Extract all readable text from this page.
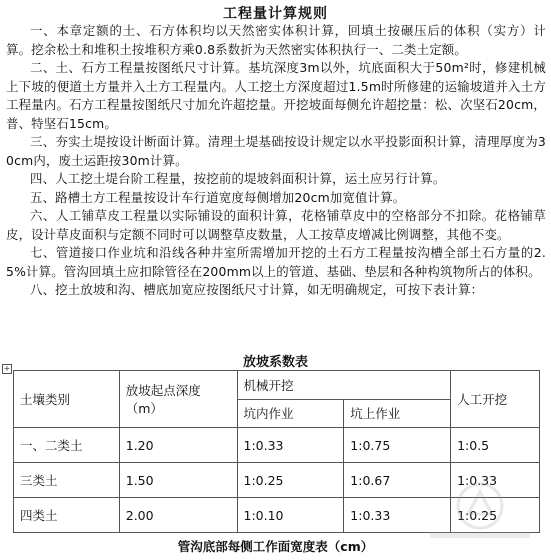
工程量计算规则

一、本章定额的土、石方体积均以天然密实体积计算，回填土按碾压后的体积（实方）计算。挖余松土和堆积土按堆积方乘0.8系数折为天然密实体积执行一、二类土定额。

二、土、石方工程量按图纸尺寸计算。基坑深度3m以外，坑底面积大于50m²时，修建机械上下坡的便道土方量并入土方工程量内。人工挖土方深度超过1.5m时所修建的运输坡道并入土方工程量内。石方工程量按图纸尺寸加允许超挖量。开挖坡面每侧允许超挖量：松、次坚石20cm，普、特坚石15cm。

三、夯实土堤按设计断面计算。清理土堤基础按设计规定以水平投影面积计算，清理厚度为30cm内，废土运距按30m计算。

四、人工挖土堤台阶工程量，按挖前的堤坡斜面积计算，运土应另行计算。

五、路槽土方工程量按设计车行道宽度每侧增加20cm加宽值计算。

六、人工铺草皮工程量以实际铺设的面积计算，花格铺草皮中的空格部分不扣除。花格铺草皮，设计草皮面积与定额不同时可以调整草皮数量，人工按草皮增减比例调整，其他不变。

七、管道接口作业坑和沿线各种井室所需增加开挖的土石方工程量按沟槽全部土石方量的2.5%计算。管沟回填土应扣除管径在200mm以上的管道、基础、垫层和各种构筑物所占的体积。

八、挖土放坡和沟、槽底加宽应按图纸尺寸计算，如无明确规定，可按下表计算：

放坡系数表
+
土壤类别	放坡起点深度（m）	机械开挖		人工开挖
		坑内作业	坑上作业	
一、二类土	1.20	1:0.33	1:0.75	1:0.5
三类土	1.50	1:0.25	1:0.67	1:0.33
四类土	2.00	1:0.10	1:0.33	1:0.25
管沟底部每侧工作面宽度表（cm）
